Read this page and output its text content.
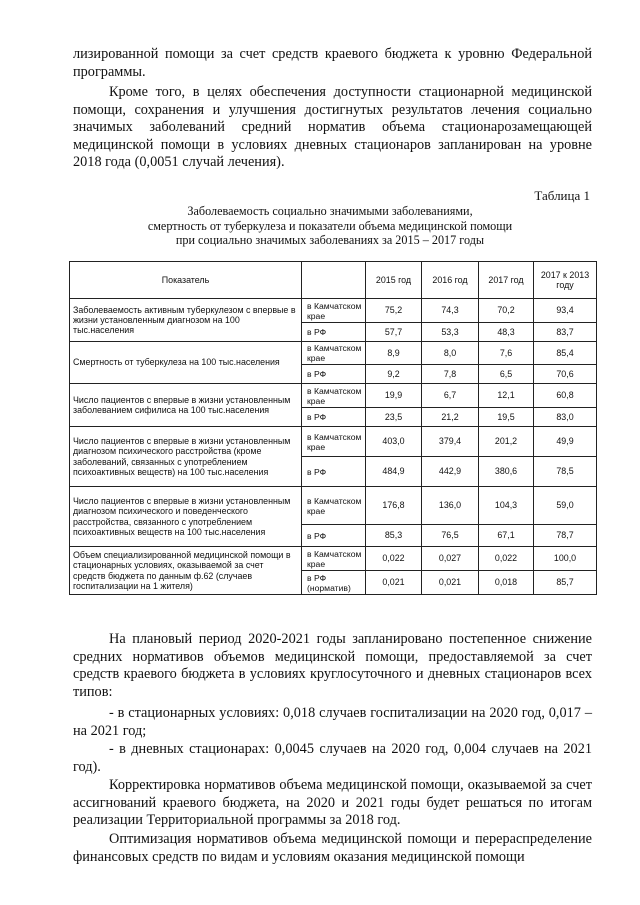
лизированной помощи за счет средств краевого бюджета к уровню Федеральной программы.

Кроме того, в целях обеспечения доступности стационарной медицинской помощи, сохранения и улучшения достигнутых результатов лечения социально значимых заболеваний средний норматив объема стационарозамещающей медицинской помощи в условиях дневных стационаров запланирован на уровне 2018 года (0,0051 случай лечения).

Таблица 1

Заболеваемость социально значимыми заболеваниями,
смертность от туберкулеза и показатели объема медицинской помощи
при социально значимых заболеваниях за 2015 – 2017 годы
Показатель		2015 год	2016 год	2017 год	2017 к 2013 году
Заболеваемость активным туберкулезом с впервые в жизни установленным диагнозом на 100 тыс.населения	в Камчатском крае	75,2	74,3	70,2	93,4
	в РФ	57,7	53,3	48,3	83,7
Смертность от туберкулеза на 100 тыс.населения	в Камчатском крае	8,9	8,0	7,6	85,4
	в РФ	9,2	7,8	6,5	70,6
Число пациентов с впервые в жизни установленным заболеванием сифилиса на 100 тыс.населения	в Камчатском крае	19,9	6,7	12,1	60,8
	в РФ	23,5	21,2	19,5	83,0
Число пациентов с впервые в жизни установленным диагнозом психического расстройства (кроме заболеваний, связанных с употреблением психоактивных веществ) на 100 тыс.населения	в Камчатском крае	403,0	379,4	201,2	49,9
	в РФ	484,9	442,9	380,6	78,5
Число пациентов с впервые в жизни установленным диагнозом психического и поведенческого расстройства, связанного с употреблением психоактивных веществ на 100 тыс.населения	в Камчатском крае	176,8	136,0	104,3	59,0
	в РФ	85,3	76,5	67,1	78,7
Объем специализированной медицинской помощи в стационарных условиях, оказываемой за счет средств бюджета по данным ф.62 (случаев госпитализации на 1 жителя)	в Камчатском крае	0,022	0,027	0,022	100,0
	в РФ (норматив)	0,021	0,021	0,018	85,7

На плановый период 2020-2021 годы запланировано постепенное снижение средних нормативов объемов медицинской помощи, предоставляемой за счет средств краевого бюджета в условиях круглосуточного и дневных стационаров всех типов:

- в стационарных условиях: 0,018 случаев госпитализации на 2020 год, 0,017 – на 2021 год;

- в дневных стационарах: 0,0045 случаев на 2020 год, 0,004 случаев на 2021 год).

Корректировка нормативов объема медицинской помощи, оказываемой за счет ассигнований краевого бюджета, на 2020 и 2021 годы будет решаться по итогам реализации Территориальной программы за 2018 год.

Оптимизация нормативов объема медицинской помощи и перераспределение финансовых средств по видам и условиям оказания медицинской помощи
